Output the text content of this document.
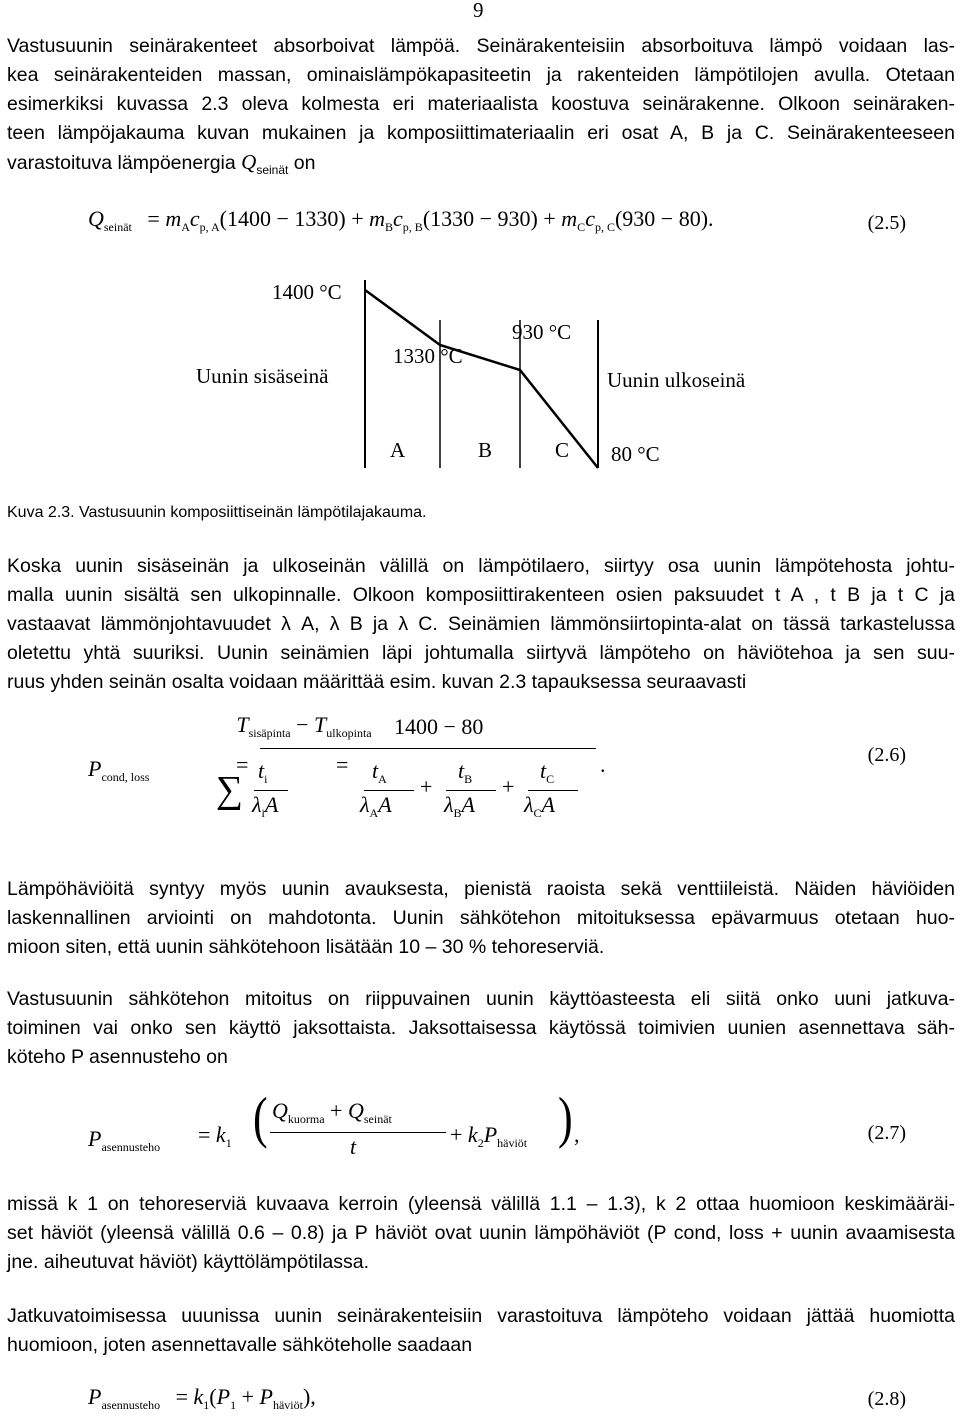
9

Vastusuunin seinärakenteet absorboivat lämpöä. Seinärakenteisiin absorboituva lämpö voidaan las-

kea seinärakenteiden massan, ominaislämpökapasiteetin ja rakenteiden lämpötilojen avulla. Otetaan

esimerkiksi kuvassa 2.3 oleva kolmesta eri materiaalista koostuva seinärakenne. Olkoon seinäraken-

teen lämpöjakauma kuvan mukainen ja komposiittimateriaalin eri osat A, B ja C. Seinärakenteeseen

varastoituva lämpöenergia $Q_{seinät}$ on

$Q_{seinät} = m_Ac_{p, A}(1400 - 1330) + m_Bc_{p, B}(1330 - 930) + m_Cc_{p, C}(930 - 80)$.	(2.5)
1400 °C
Uunin sisäseinä
1330 °C
930 °C
Uunin ulkoseinä
A	B	C 80 °C
Kuva 2.3. Vastusuunin komposiittiseinän lämpötilajakauma.

Koska uunin sisäseinän ja ulkoseinän välillä on lämpötilaero, siirtyy osa uunin lämpötehosta johtu-

malla uunin sisältä sen ulkopinnalle. Olkoon komposiittirakenteen osien paksuudet t A , t B ja t C ja

vastaavat lämmönjohtavuudet λ A, λ B ja λ C. Seinämien lämmönsiirtopinta-alat on tässä tarkastelussa

oletettu yhtä suuriksi. Uunin seinämien läpi johtumalla siirtyvä lämpöteho on häviötehoa ja sen suu-

ruus yhden seinän osalta voidaan määrittää esim. kuvan 2.3 tapauksessa seuraavasti

$P_{cond, loss}$	=
$T_{sisäpinta} - T_{ulkopinta}$
∑ $t_i$
$\lambda_iA$
=
1400 − 80
.
$t_A$
$\lambda_AA$
+
$t_B$
$\lambda_BA$
+
$t_C$
$\lambda_CA$
(2.6)

Lämpöhäviöitä syntyy myös uunin avauksesta, pienistä raoista sekä venttiileistä. Näiden häviöiden

laskennallinen arviointi on mahdotonta. Uunin sähkötehon mitoituksessa epävarmuus otetaan huo-

mioon siten, että uunin sähkötehoon lisätään 10 – 30 % tehoreserviä.

Vastusuunin sähkötehon mitoitus on riippuvainen uunin käyttöasteesta eli siitä onko uuni jatkuva-

toiminen vai onko sen käyttö jaksottaista. Jaksottaisessa käytössä toimivien uunien asennettava säh-

köteho P asennusteho on

$P_{asennusteho} = k_1$ ( $Q_{kuorma} + Q_{seinät}$
t	+ $k_2P_{häviöt}$ ) ,	(2.7)

missä k 1 on tehoreserviä kuvaava kerroin (yleensä välillä 1.1 – 1.3), k 2 ottaa huomioon keskimääräi-

set häviöt (yleensä välillä 0.6 – 0.8) ja P häviöt ovat uunin lämpöhäviöt (P cond, loss + uunin avaamisesta

jne. aiheutuvat häviöt) käyttölämpötilassa.

Jatkuvatoimisessa uuunissa uunin seinärakenteisiin varastoituva lämpöteho voidaan jättää huomiotta

huomioon, joten asennettavalle sähköteholle saadaan

$P_{asennusteho} = k_1(P_1 + P_{häviöt})$,	(2.8)
